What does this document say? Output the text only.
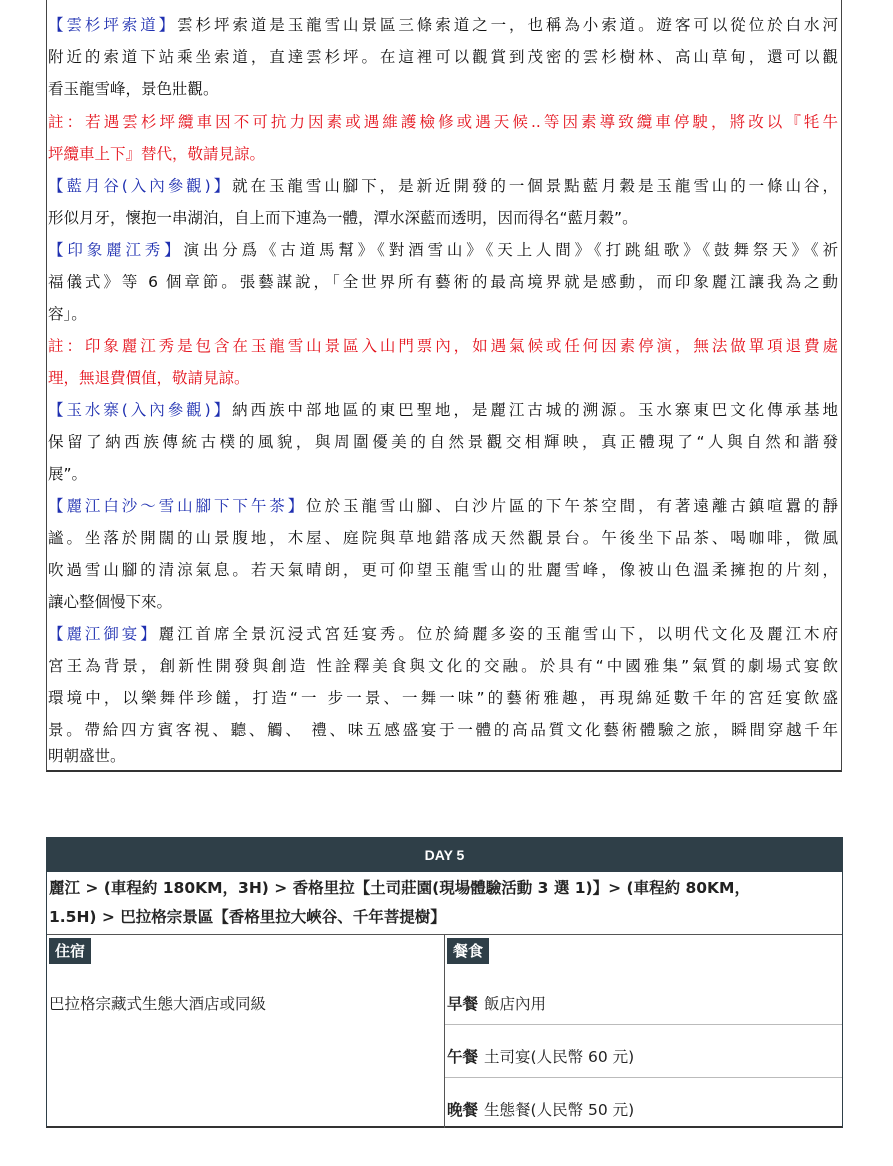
【雲杉坪索道】雲杉坪索道是玉龍雪山景區三條索道之一，也稱為小索道。遊客可以從位於白水河
附近的索道下站乘坐索道，直達雲杉坪。在這裡可以觀賞到茂密的雲杉樹林、高山草甸，還可以觀
看玉龍雪峰，景色壯觀。
註：若遇雲杉坪纜車因不可抗力因素或遇維護檢修或遇天候..等因素導致纜車停駛，將改以『牦牛
坪纜車上下』替代，敬請見諒。
【藍月谷(入內參觀)】就在玉龍雪山腳下，是新近開發的一個景點藍月穀是玉龍雪山的一條山谷，
形似月牙，懷抱一串湖泊，自上而下連為一體，潭水深藍而透明，因而得名“藍月穀”。
【印象麗江秀】演出分爲《古道馬幫》《對酒雪山》《天上人間》《打跳組歌》《鼓舞祭天》《祈
福儀式》等 6 個章節。張藝謀說，「全世界所有藝術的最高境界就是感動，而印象麗江讓我為之動
容」。
註：印象麗江秀是包含在玉龍雪山景區入山門票內，如遇氣候或任何因素停演，無法做單項退費處
理，無退費價值，敬請見諒。
【玉水寨(入內參觀)】納西族中部地區的東巴聖地，是麗江古城的溯源。玉水寨東巴文化傳承基地
保留了納西族傳統古樸的風貌，與周圍優美的自然景觀交相輝映，真正體現了“人與自然和諧發
展”。
【麗江白沙～雪山腳下下午茶】位於玉龍雪山腳、白沙片區的下午茶空間，有著遠離古鎮喧囂的靜
謐。坐落於開闊的山景腹地，木屋、庭院與草地錯落成天然觀景台。午後坐下品茶、喝咖啡，微風
吹過雪山腳的清涼氣息。若天氣晴朗，更可仰望玉龍雪山的壯麗雪峰，像被山色溫柔擁抱的片刻，
讓心整個慢下來。
【麗江御宴】麗江首席全景沉浸式宮廷宴秀。位於綺麗多姿的玉龍雪山下，以明代文化及麗江木府
宮王為背景，創新性開發與創造 性詮釋美食與文化的交融。於具有“中國雅集”氣質的劇場式宴飲
環境中，以樂舞伴珍饈，打造“一 步一景、一舞一味”的藝術雅趣，再現綿延數千年的宮廷宴飲盛
景。帶給四方賓客視、聽、觸、 禮、味五感盛宴于一體的高品質文化藝術體驗之旅，瞬間穿越千年
明朝盛世。
DAY 5
麗江 > (車程約 180KM，3H) > 香格里拉【土司莊園(現場體驗活動 3 選 1)】> (車程約 80KM，
1.5H) > 巴拉格宗景區【香格里拉大峽谷、千年菩提樹】
住宿
巴拉格宗藏式生態大酒店或同級
餐食
早餐 飯店內用
午餐 土司宴(人民幣 60 元)
晚餐 生態餐(人民幣 50 元)
